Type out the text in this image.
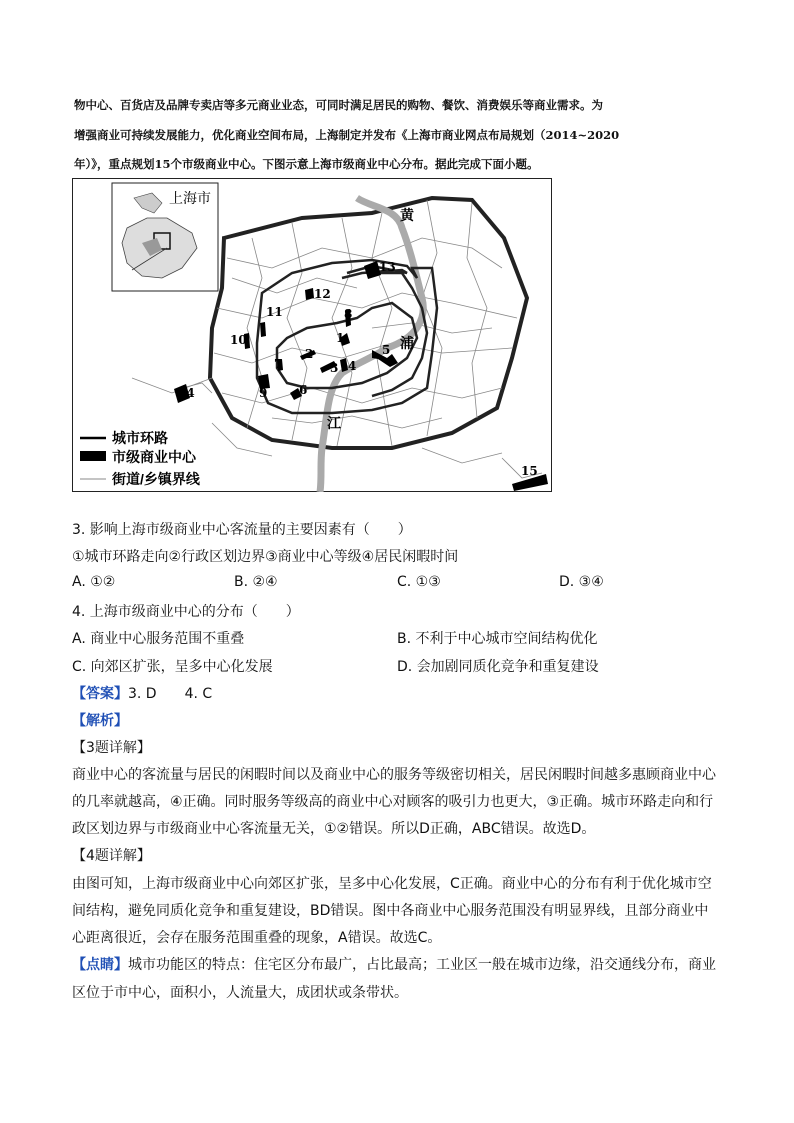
物中心、百货店及品牌专卖店等多元商业业态，可同时满足居民的购物、餐饮、消费娱乐等商业需求。为
增强商业可持续发展能力，优化商业空间布局，上海制定并发布《上海市商业网点布局规划（2014~2020
年）》，重点规划15个市级商业中心。下图示意上海市级商业中心分布。据此完成下面小题。
上海市
黄
浦
江
1
2
3 4
5
6
7
8
9
10
11
12
13
14
15
城市环路
市级商业中心
街道/乡镇界线
3. 影响上海市级商业中心客流量的主要因素有（　　）
①城市环路走向②行政区划边界③商业中心等级④居民闲暇时间
A. ①②	B. ②④	C. ①③	D. ③④
4. 上海市级商业中心的分布（　　）
A. 商业中心服务范围不重叠	B. 不利于中心城市空间结构优化
C. 向郊区扩张，呈多中心化发展	D. 会加剧同质化竞争和重复建设
【答案】3. D　　4. C
【解析】
【3题详解】
商业中心的客流量与居民的闲暇时间以及商业中心的服务等级密切相关，居民闲暇时间越多惠顾商业中心
的几率就越高，④正确。同时服务等级高的商业中心对顾客的吸引力也更大，③正确。城市环路走向和行
政区划边界与市级商业中心客流量无关，①②错误。所以D正确，ABC错误。故选D。
【4题详解】
由图可知，上海市级商业中心向郊区扩张，呈多中心化发展，C正确。商业中心的分布有利于优化城市空
间结构，避免同质化竞争和重复建设，BD错误。图中各商业中心服务范围没有明显界线，且部分商业中
心距离很近，会存在服务范围重叠的现象，A错误。故选C。
【点睛】城市功能区的特点：住宅区分布最广，占比最高；工业区一般在城市边缘，沿交通线分布，商业
区位于市中心，面积小，人流量大，成团状或条带状。
